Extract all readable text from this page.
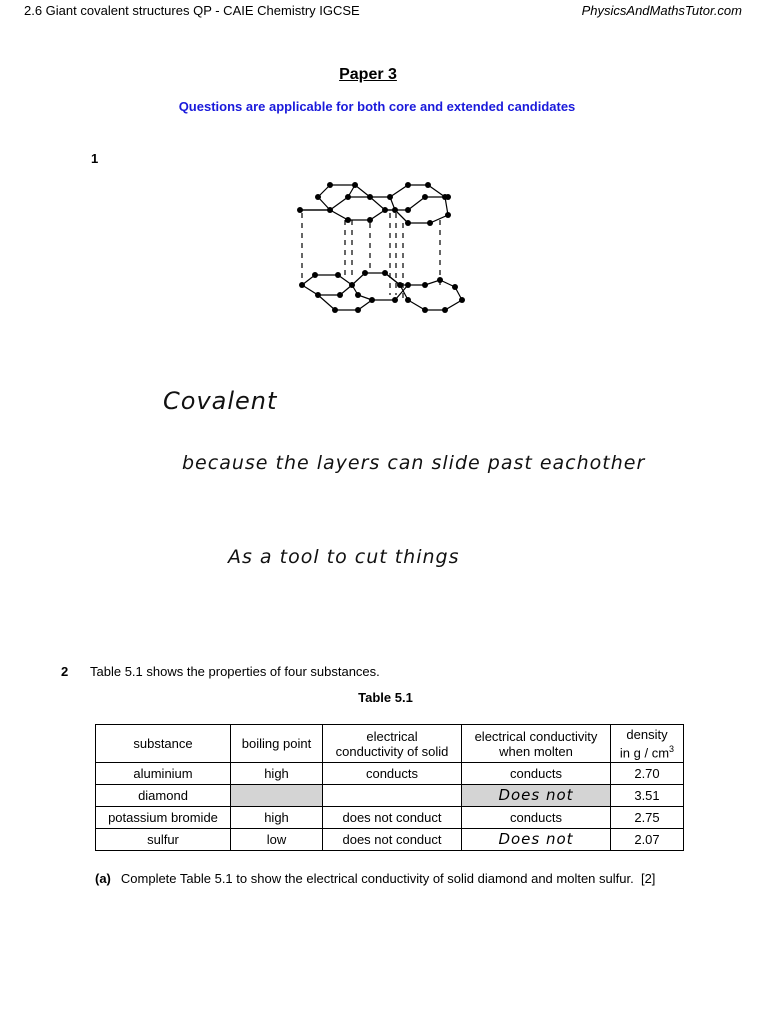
2.6 Giant covalent structures QP - CAIE Chemistry IGCSE	PhysicsAndMathsTutor.com
Paper 3
Questions are applicable for both core and extended candidates
1
Covalent
because the layers can slide past eachother
As a tool to cut things
2 Table 5.1 shows the properties of four substances.
Table 5.1
substance	boiling point	electrical
conductivity of solid	electrical conductivity
when molten	density
in g / $cm^3$
aluminium	high	conducts	conducts	2.70
diamond			Does not	3.51
potassium bromide	high	does not conduct	conducts	2.75
sulfur	low	does not conduct	Does not	2.07
(a) Complete Table 5.1 to show the electrical conductivity of solid diamond and molten sulfur. [2]
